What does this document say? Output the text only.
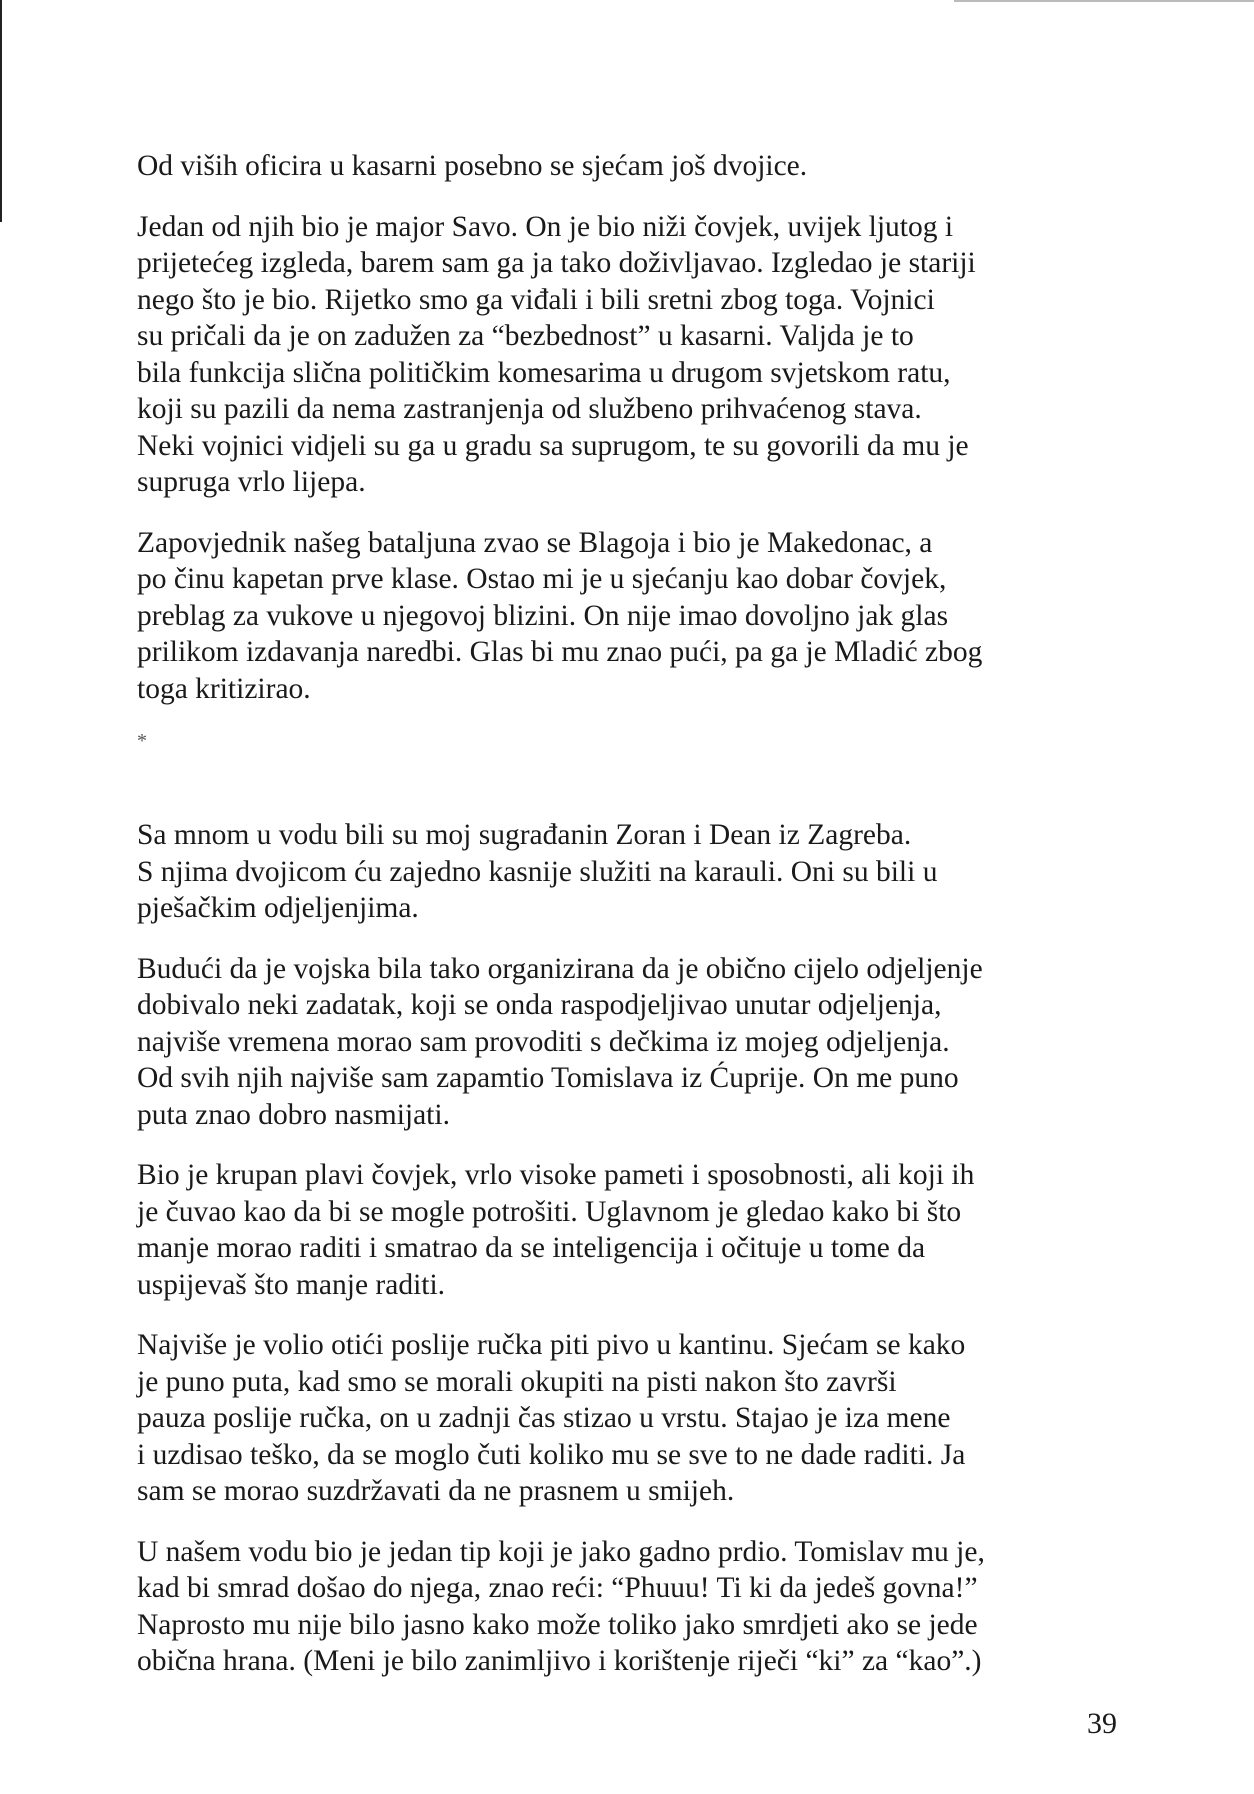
Od viših oficira u kasarni posebno se sjećam još dvojice.

Jedan od njih bio je major Savo. On je bio niži čovjek, uvijek ljutog i
prijetećeg izgleda, barem sam ga ja tako doživljavao. Izgledao je stariji
nego što je bio. Rijetko smo ga viđali i bili sretni zbog toga. Vojnici
su pričali da je on zadužen za “bezbednost” u kasarni. Valjda je to
bila funkcija slična političkim komesarima u drugom svjetskom ratu,
koji su pazili da nema zastranjenja od službeno prihvaćenog stava.
Neki vojnici vidjeli su ga u gradu sa suprugom, te su govorili da mu je
supruga vrlo lijepa.

Zapovjednik našeg bataljuna zvao se Blagoja i bio je Makedonac, a
po činu kapetan prve klase. Ostao mi je u sjećanju kao dobar čovjek,
preblag za vukove u njegovoj blizini. On nije imao dovoljno jak glas
prilikom izdavanja naredbi. Glas bi mu znao pući, pa ga je Mladić zbog
toga kritizirao.

*

Sa mnom u vodu bili su moj sugrađanin Zoran i Dean iz Zagreba.
S njima dvojicom ću zajedno kasnije služiti na karauli. Oni su bili u
pješačkim odjeljenjima.

Budući da je vojska bila tako organizirana da je obično cijelo odjeljenje
dobivalo neki zadatak, koji se onda raspodjeljivao unutar odjeljenja,
najviše vremena morao sam provoditi s dečkima iz mojeg odjeljenja.
Od svih njih najviše sam zapamtio Tomislava iz Ćuprije. On me puno
puta znao dobro nasmijati.

Bio je krupan plavi čovjek, vrlo visoke pameti i sposobnosti, ali koji ih
je čuvao kao da bi se mogle potrošiti. Uglavnom je gledao kako bi što
manje morao raditi i smatrao da se inteligencija i očituje u tome da
uspijevaš što manje raditi.

Najviše je volio otići poslije ručka piti pivo u kantinu. Sjećam se kako
je puno puta, kad smo se morali okupiti na pisti nakon što završi
pauza poslije ručka, on u zadnji čas stizao u vrstu. Stajao je iza mene
i uzdisao teško, da se moglo čuti koliko mu se sve to ne dade raditi. Ja
sam se morao suzdržavati da ne prasnem u smijeh.

U našem vodu bio je jedan tip koji je jako gadno prdio. Tomislav mu je,
kad bi smrad došao do njega, znao reći: “Phuuu! Ti ki da jedeš govna!”
Naprosto mu nije bilo jasno kako može toliko jako smrdjeti ako se jede
obična hrana. (Meni je bilo zanimljivo i korištenje riječi “ki” za “kao”.)

39
